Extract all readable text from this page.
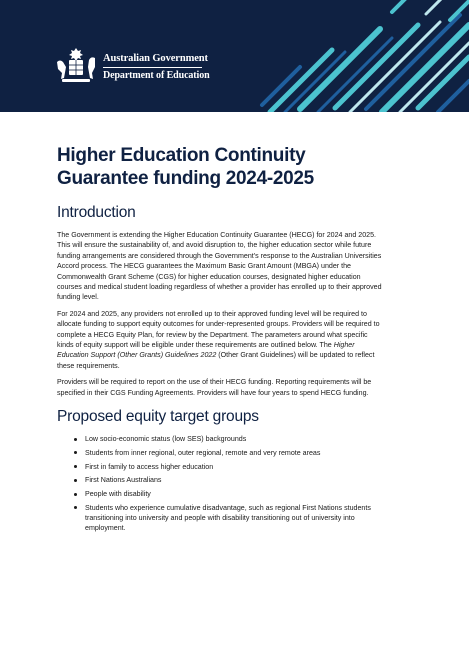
Australian Government
Department of Education
Higher Education Continuity
Guarantee funding 2024-2025
Introduction

The Government is extending the Higher Education Continuity Guarantee (HECG) for 2024 and 2025. This will ensure the sustainability of, and avoid disruption to, the higher education sector while future funding arrangements are considered through the Government's response to the Australian Universities Accord process. The HECG guarantees the Maximum Basic Grant Amount (MBGA) under the Commonwealth Grant Scheme (CGS) for higher education courses, designated higher education courses and medical student loading regardless of whether a provider has enrolled up to their approved funding level.

For 2024 and 2025, any providers not enrolled up to their approved funding level will be required to allocate funding to support equity outcomes for under-represented groups. Providers will be required to complete a HECG Equity Plan, for review by the Department. The parameters around what specific kinds of equity support will be eligible under these requirements are outlined below. The Higher Education Support (Other Grants) Guidelines 2022 (Other Grant Guidelines) will be updated to reflect these requirements.

Providers will be required to report on the use of their HECG funding. Reporting requirements will be specified in their CGS Funding Agreements. Providers will have four years to spend HECG funding.

Proposed equity target groups
Low socio-economic status (low SES) backgrounds
Students from inner regional, outer regional, remote and very remote areas
First in family to access higher education
First Nations Australians
People with disability
Students who experience cumulative disadvantage, such as regional First Nations students transitioning into university and people with disability transitioning out of university into employment.
